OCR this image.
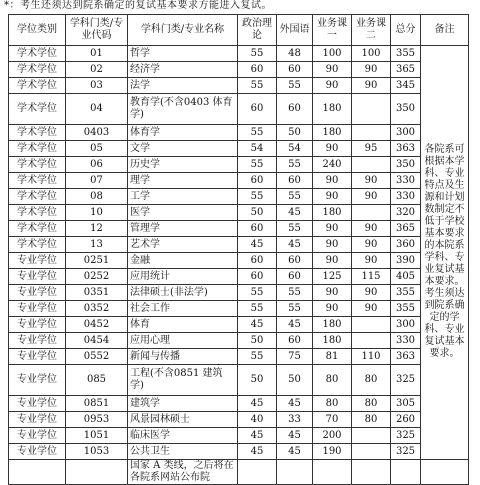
*：考生还须达到院系确定的复试基本要求方能进入复试。
学位类别	学科门类/专业代码	学科门类/专业名称	政治理论	外国语	业务课一	业务课二	总分	备注
学术学位	01	哲学	55	48	100	100	355	各院系可根据本学科、专业特点及生源和计划数制定不低于学校基本要求的本院系学科、专业复试基本要求。考生须达到院系确定的学科、专业复试基本要求。
学术学位	02	经济学	60	60	90	90	365	
学术学位	03	法学	55	55	90	90	345	
学术学位	04	教育学(不含0403 体育学)	60	60	180		350	
学术学位	0403	体育学	55	50	180		300	
学术学位	05	文学	54	54	90	95	363	
学术学位	06	历史学	55	55	240		350	
学术学位	07	理学	60	60	90	90	330	
学术学位	08	工学	55	55	90	90	330	
学术学位	10	医学	50	45	180		320	
学术学位	12	管理学	60	55	90	90	365	
学术学位	13	艺术学	45	45	90	90	360	
专业学位	0251	金融	60	60	90	90	390	
专业学位	0252	应用统计	60	60	125	115	405	
专业学位	0351	法律硕士(非法学)	55	55	90	90	355	
专业学位	0352	社会工作	55	55	90	90	355	
专业学位	0452	体育	45	45	180		300	
专业学位	0454	应用心理	50	60	180		330	
专业学位	0552	新闻与传播	55	75	81	110	363	
专业学位	085	工程(不含0851 建筑学)	50	50	80	80	325	
专业学位	0851	建筑学	45	45	80	80	305	
专业学位	0953	风景园林硕士	40	33	70	80	260	
专业学位	1051	临床医学	45	45	200		325	
专业学位	1053	公共卫生	45	45	190		325	
		国家 A 类线，之后将在各院系网站公布院						
